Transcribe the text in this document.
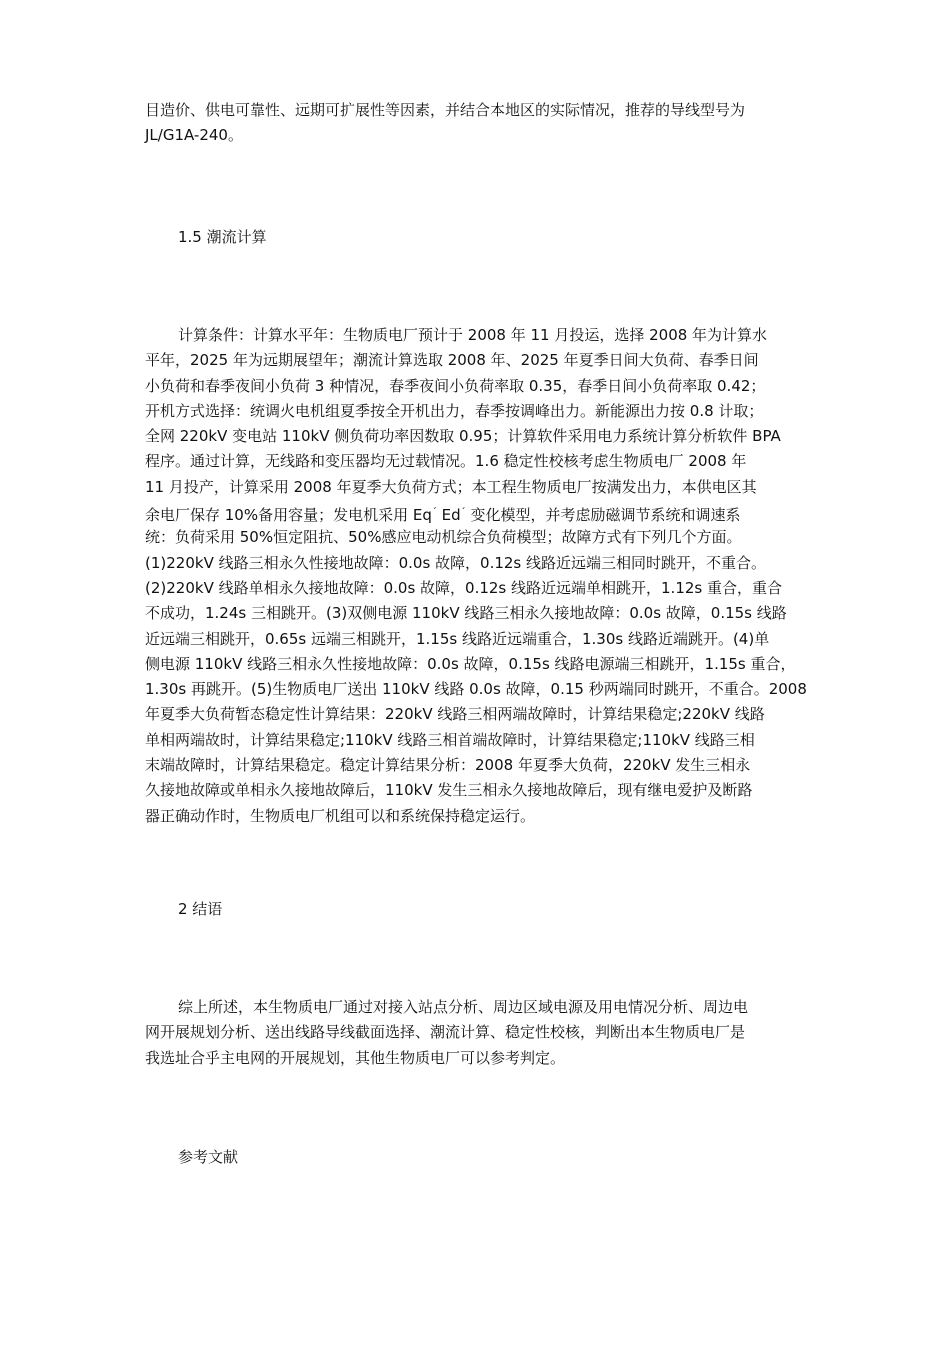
目造价、供电可靠性、远期可扩展性等因素，并结合本地区的实际情况，推荐的导线型号为
JL/G1A-240。
1.5 潮流计算
计算条件：计算水平年：生物质电厂预计于 2008 年 11 月投运，选择 2008 年为计算水
平年，2025 年为远期展望年；潮流计算选取 2008 年、2025 年夏季日间大负荷、春季日间
小负荷和春季夜间小负荷 3 种情况，春季夜间小负荷率取 0.35，春季日间小负荷率取 0.42；
开机方式选择：统调火电机组夏季按全开机出力，春季按调峰出力。新能源出力按 0.8 计取；
全网 220kV 变电站 110kV 侧负荷功率因数取 0.95；计算软件采用电力系统计算分析软件 BPA
程序。通过计算，无线路和变压器均无过载情况。1.6 稳定性校核考虑生物质电厂 2008 年
11 月投产，计算采用 2008 年夏季大负荷方式；本工程生物质电厂按满发出力，本供电区其
余电厂保存 10%备用容量；发电机采用 $Eq^ˊ$ $Ed^ˊ$ 变化模型，并考虑励磁调节系统和调速系
统：负荷采用 50%恒定阻抗、50%感应电动机综合负荷模型；故障方式有下列几个方面。
(1)220kV 线路三相永久性接地故障：0.0s 故障，0.12s 线路近远端三相同时跳开，不重合。
(2)220kV 线路单相永久接地故障：0.0s 故障，0.12s 线路近远端单相跳开，1.12s 重合，重合
不成功，1.24s 三相跳开。(3)双侧电源 110kV 线路三相永久接地故障：0.0s 故障，0.15s 线路
近远端三相跳开，0.65s 远端三相跳开，1.15s 线路近远端重合，1.30s 线路近端跳开。(4)单
侧电源 110kV 线路三相永久性接地故障：0.0s 故障，0.15s 线路电源端三相跳开，1.15s 重合，
1.30s 再跳开。(5)生物质电厂送出 110kV 线路 0.0s 故障，0.15 秒两端同时跳开，不重合。2008
年夏季大负荷暂态稳定性计算结果：220kV 线路三相两端故障时，计算结果稳定;220kV 线路
单相两端故时，计算结果稳定;110kV 线路三相首端故障时，计算结果稳定;110kV 线路三相
末端故障时，计算结果稳定。稳定计算结果分析：2008 年夏季大负荷，220kV 发生三相永
久接地故障或单相永久接地故障后，110kV 发生三相永久接地故障后，现有继电爱护及断路
器正确动作时，生物质电厂机组可以和系统保持稳定运行。
2 结语
综上所述，本生物质电厂通过对接入站点分析、周边区域电源及用电情况分析、周边电
网开展规划分析、送出线路导线截面选择、潮流计算、稳定性校核，判断出本生物质电厂是
我选址合乎主电网的开展规划，其他生物质电厂可以参考判定。
参考文献
